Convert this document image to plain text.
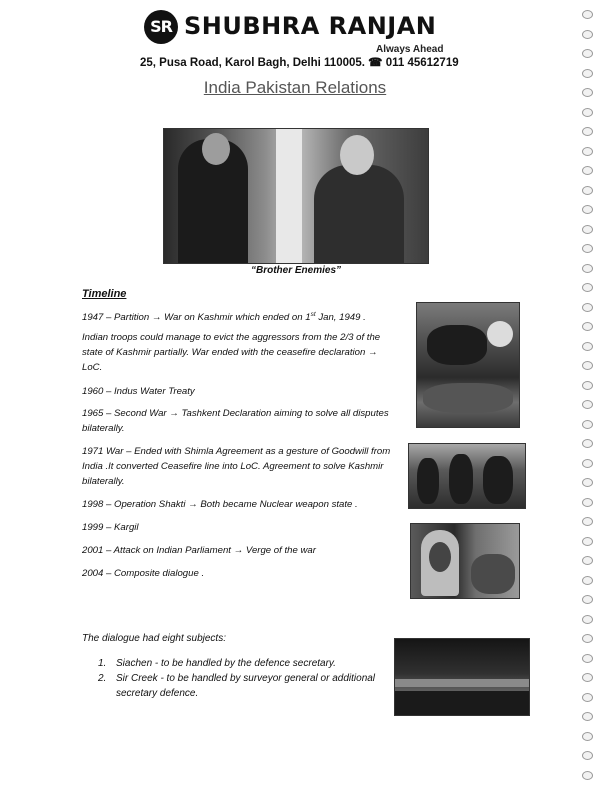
SR SHUBHRA RANJAN
Always Ahead
25, Pusa Road, Karol Bagh, Delhi 110005. ☎ 011 45612719
India Pakistan Relations
“Brother Enemies”
Timeline
1947 – Partition → War on Kashmir which ended on 1st Jan, 1949 .
Indian troops could manage to evict the aggressors from the 2/3 of the state of Kashmir partially. War ended with the ceasefire declaration → LoC.
1960 – Indus Water Treaty
1965 – Second War → Tashkent Declaration aiming to solve all disputes bilaterally.
1971 War – Ended with Shimla Agreement as a gesture of Goodwill from India .It converted Ceasefire line into LoC. Agreement to solve Kashmir bilaterally.
1998 – Operation Shakti → Both became Nuclear weapon state .
1999 – Kargil
2001 – Attack on Indian Parliament → Verge of the war
2004 – Composite dialogue .
The dialogue had eight subjects:
1. Siachen - to be handled by the defence secretary.
2. Sir Creek - to be handled by surveyor general or additional secretary defence.
